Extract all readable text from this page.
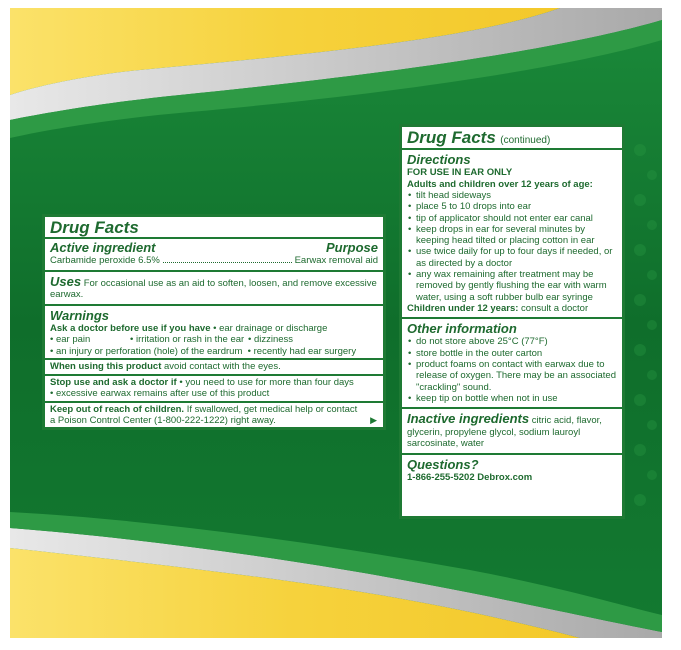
Drug Facts
Active ingredient	Purpose
Carbamide peroxide 6.5%	Earwax removal aid
Uses For occasional use as an aid to soften, loosen, and remove excessive earwax.
Warnings
Ask a doctor before use if you have • ear drainage or discharge
• ear pain	• irritation or rash in the ear • dizziness
• an injury or perforation (hole) of the eardrum  • recently had ear surgery
When using this product avoid contact with the eyes.
Stop use and ask a doctor if • you need to use for more than four days
• excessive earwax remains after use of this product
Keep out of reach of children. If swallowed, get medical help or contact a Poison Control Center (1-800-222-1222) right away.	▶
Drug Facts (continued)
Directions
FOR USE IN EAR ONLY
Adults and children over 12 years of age:
• tilt head sideways
• place 5 to 10 drops into ear
• tip of applicator should not enter ear canal
• keep drops in ear for several minutes by keeping head tilted or placing cotton in ear
• use twice daily for up to four days if needed, or as directed by a doctor
• any wax remaining after treatment may be removed by gently flushing the ear with warm water, using a soft rubber bulb ear syringe
Children under 12 years: consult a doctor
Other information
• do not store above 25°C (77°F)
• store bottle in the outer carton
• product foams on contact with earwax due to release of oxygen. There may be an associated "crackling" sound.
• keep tip on bottle when not in use
Inactive ingredients citric acid, flavor, glycerin, propylene glycol, sodium lauroyl sarcosinate, water
Questions?
1-866-255-5202 Debrox.com
